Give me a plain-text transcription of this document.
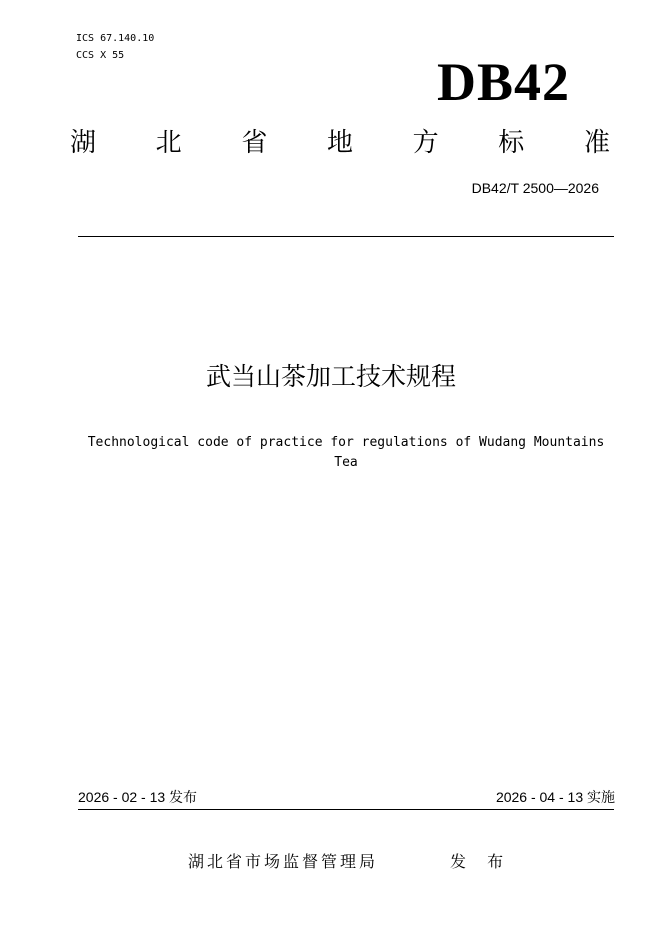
ICS 67.140.10
CCS X 55	DB42
湖 北 省 地 方 标 准
DB42/T 2500—2026
武当山茶加工技术规程
Technological code of practice for regulations of Wudang Mountains
Tea
2026 - 02 - 13 发布	2026 - 04 - 13 实施
湖北省市场监督管理局	发 布
